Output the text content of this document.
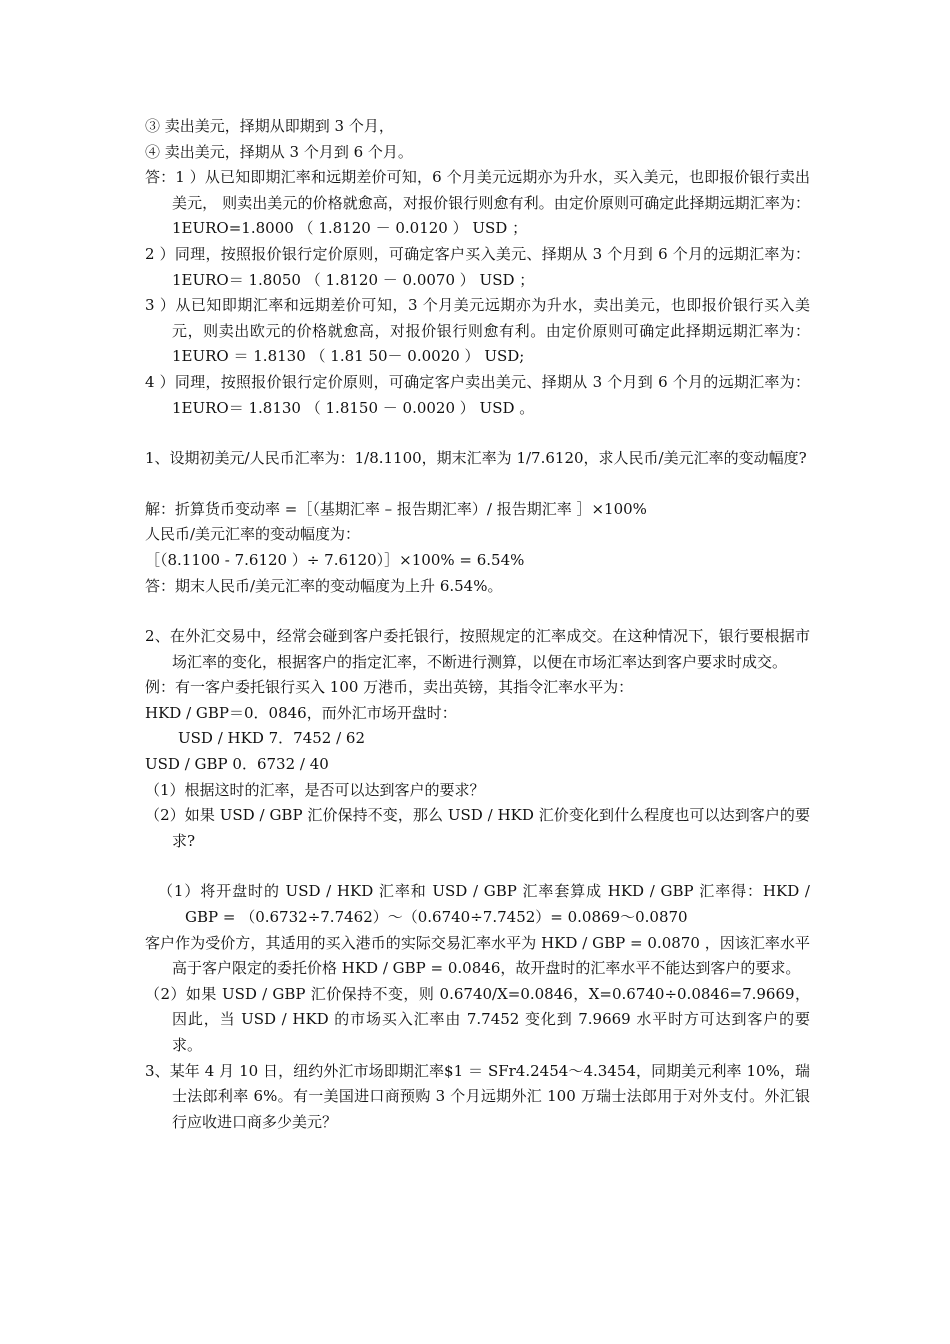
③ 卖出美元，择期从即期到 3 个月，

④ 卖出美元，择期从 3 个月到 6 个月。

答：1 ）从已知即期汇率和远期差价可知，6 个月美元远期亦为升水，买入美元，也即报价银行卖出美元， 则卖出美元的价格就愈高，对报价银行则愈有利。由定价原则可确定此择期远期汇率为：1EURO=1.8000 （ 1.8120 － 0.0120 ） USD ；

2 ）同理，按照报价银行定价原则，可确定客户买入美元、择期从 3 个月到 6 个月的远期汇率为： 1EURO＝ 1.8050 （ 1.8120 － 0.0070 ） USD ；

3 ）从已知即期汇率和远期差价可知，3 个月美元远期亦为升水，卖出美元，也即报价银行买入美元，则卖出欧元的价格就愈高，对报价银行则愈有利。由定价原则可确定此择期远期汇率为： 1EURO ＝ 1.8130 （ 1.81 50－ 0.0020 ） USD;

4 ）同理，按照报价银行定价原则，可确定客户卖出美元、择期从 3 个月到 6 个月的远期汇率为： 1EURO＝ 1.8130 （ 1.8150 － 0.0020 ） USD 。

1、设期初美元/人民币汇率为：1/8.1100，期末汇率为 1/7.6120，求人民币/美元汇率的变动幅度?

解：折算货币变动率 =［（基期汇率 – 报告期汇率）/ 报告期汇率 ］×100%

人民币/美元汇率的变动幅度为：

［（8.1100 - 7.6120 ）÷ 7.6120）］×100% = 6.54%

答：期末人民币/美元汇率的变动幅度为上升 6.54%。

2、在外汇交易中，经常会碰到客户委托银行，按照规定的汇率成交。在这种情况下，银行要根据市场汇率的变化，根据客户的指定汇率，不断进行测算，以便在市场汇率达到客户要求时成交。

例：有一客户委托银行买入 100 万港币，卖出英镑，其指令汇率水平为：

HKD / GBP＝0．0846，而外汇市场开盘时：

USD / HKD 7．7452 / 62

USD / GBP 0．6732 / 40

（1）根据这时的汇率，是否可以达到客户的要求？

（2）如果 USD / GBP 汇价保持不变，那么 USD / HKD 汇价变化到什么程度也可以达到客户的要求?

（1）将开盘时的 USD / HKD 汇率和 USD / GBP 汇率套算成 HKD / GBP 汇率得：HKD / GBP = （0.6732÷7.7462）～（0.6740÷7.7452）= 0.0869～0.0870

客户作为受价方，其适用的买入港币的实际交易汇率水平为 HKD / GBP = 0.0870 ，因该汇率水平高于客户限定的委托价格 HKD / GBP = 0.0846，故开盘时的汇率水平不能达到客户的要求。

（2）如果 USD / GBP 汇价保持不变，则 0.6740/X=0.0846，X=0.6740÷0.0846=7.9669，因此，当 USD / HKD 的市场买入汇率由 7.7452 变化到 7.9669 水平时方可达到客户的要求。

3、某年 4 月 10 日，纽约外汇市场即期汇率$1 ＝ SFr4.2454～4.3454，同期美元利率 10%，瑞士法郎利率 6%。有一美国进口商预购 3 个月远期外汇 100 万瑞士法郎用于对外支付。外汇银行应收进口商多少美元？
